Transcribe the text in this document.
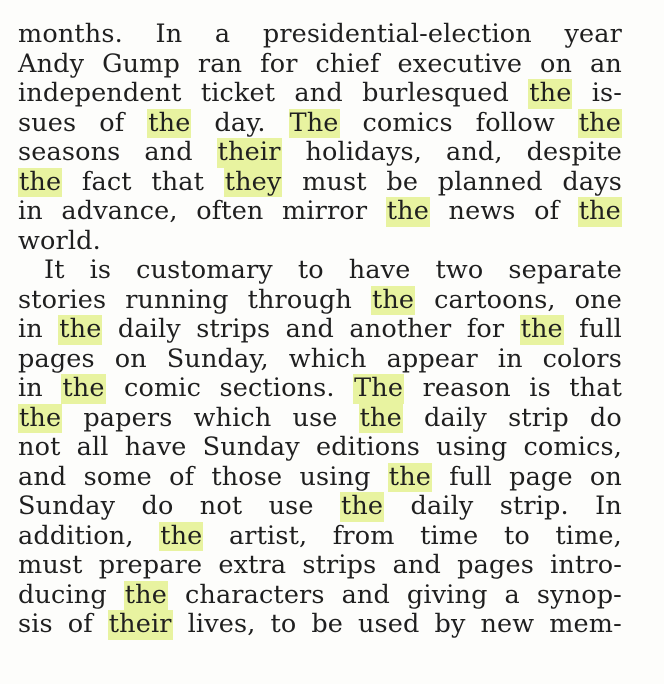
months. In a presidential-election year
Andy Gump ran for chief executive on an
independent ticket and burlesqued the is-
sues of the day. The comics follow the
seasons and their holidays, and, despite
the fact that they must be planned days
in advance, often mirror the news of the
world.
It is customary to have two separate
stories running through the cartoons, one
in the daily strips and another for the full
pages on Sunday, which appear in colors
in the comic sections. The reason is that
the papers which use the daily strip do
not all have Sunday editions using comics,
and some of those using the full page on
Sunday do not use the daily strip. In
addition, the artist, from time to time,
must prepare extra strips and pages intro-
ducing the characters and giving a synop-
sis of their lives, to be used by new mem-
